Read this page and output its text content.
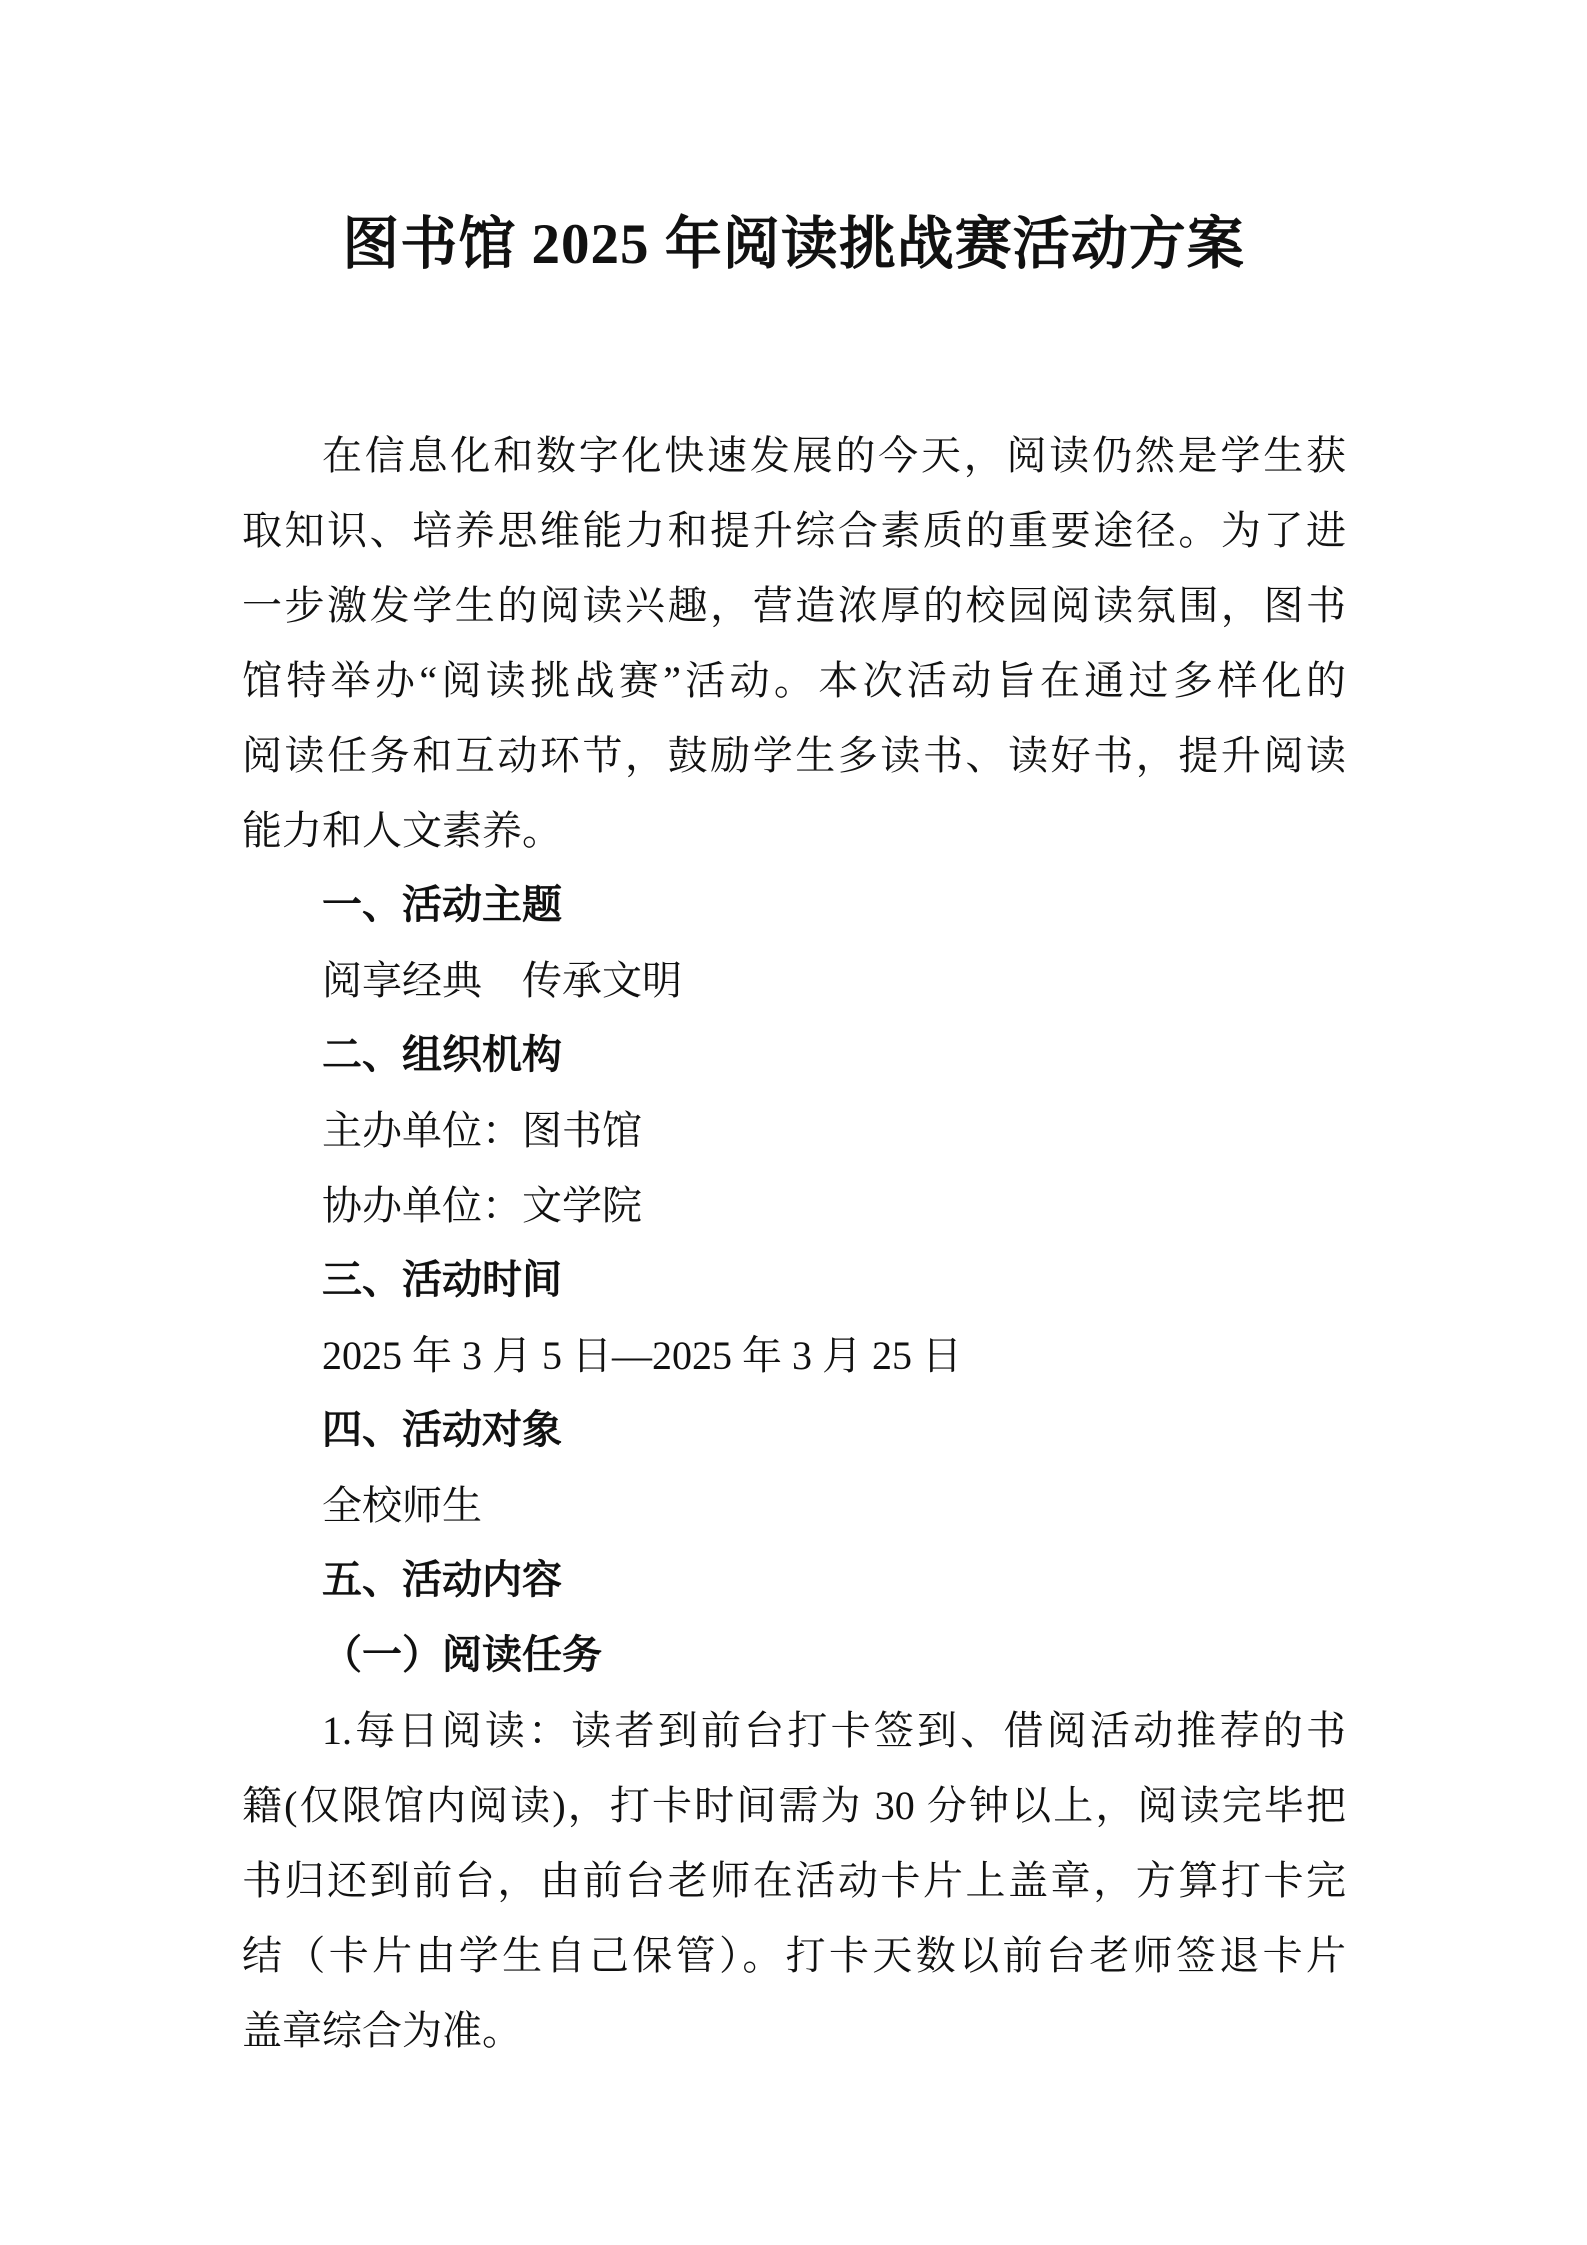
图书馆 2025 年阅读挑战赛活动方案
在信息化和数字化快速发展的今天，阅读仍然是学生获
取知识、培养思维能力和提升综合素质的重要途径。为了进
一步激发学生的阅读兴趣，营造浓厚的校园阅读氛围，图书
馆特举办“阅读挑战赛”活动。本次活动旨在通过多样化的
阅读任务和互动环节，鼓励学生多读书、读好书，提升阅读
能力和人文素养。
一、活动主题
阅享经典　传承文明
二、组织机构
主办单位：图书馆
协办单位：文学院
三、活动时间
2025 年 3 月 5 日—2025 年 3 月 25 日
四、活动对象
全校师生
五、活动内容
（一）阅读任务
1.每日阅读：读者到前台打卡签到、借阅活动推荐的书
籍(仅限馆内阅读)，打卡时间需为 30 分钟以上，阅读完毕把
书归还到前台，由前台老师在活动卡片上盖章，方算打卡完
结（卡片由学生自己保管）。打卡天数以前台老师签退卡片
盖章综合为准。
